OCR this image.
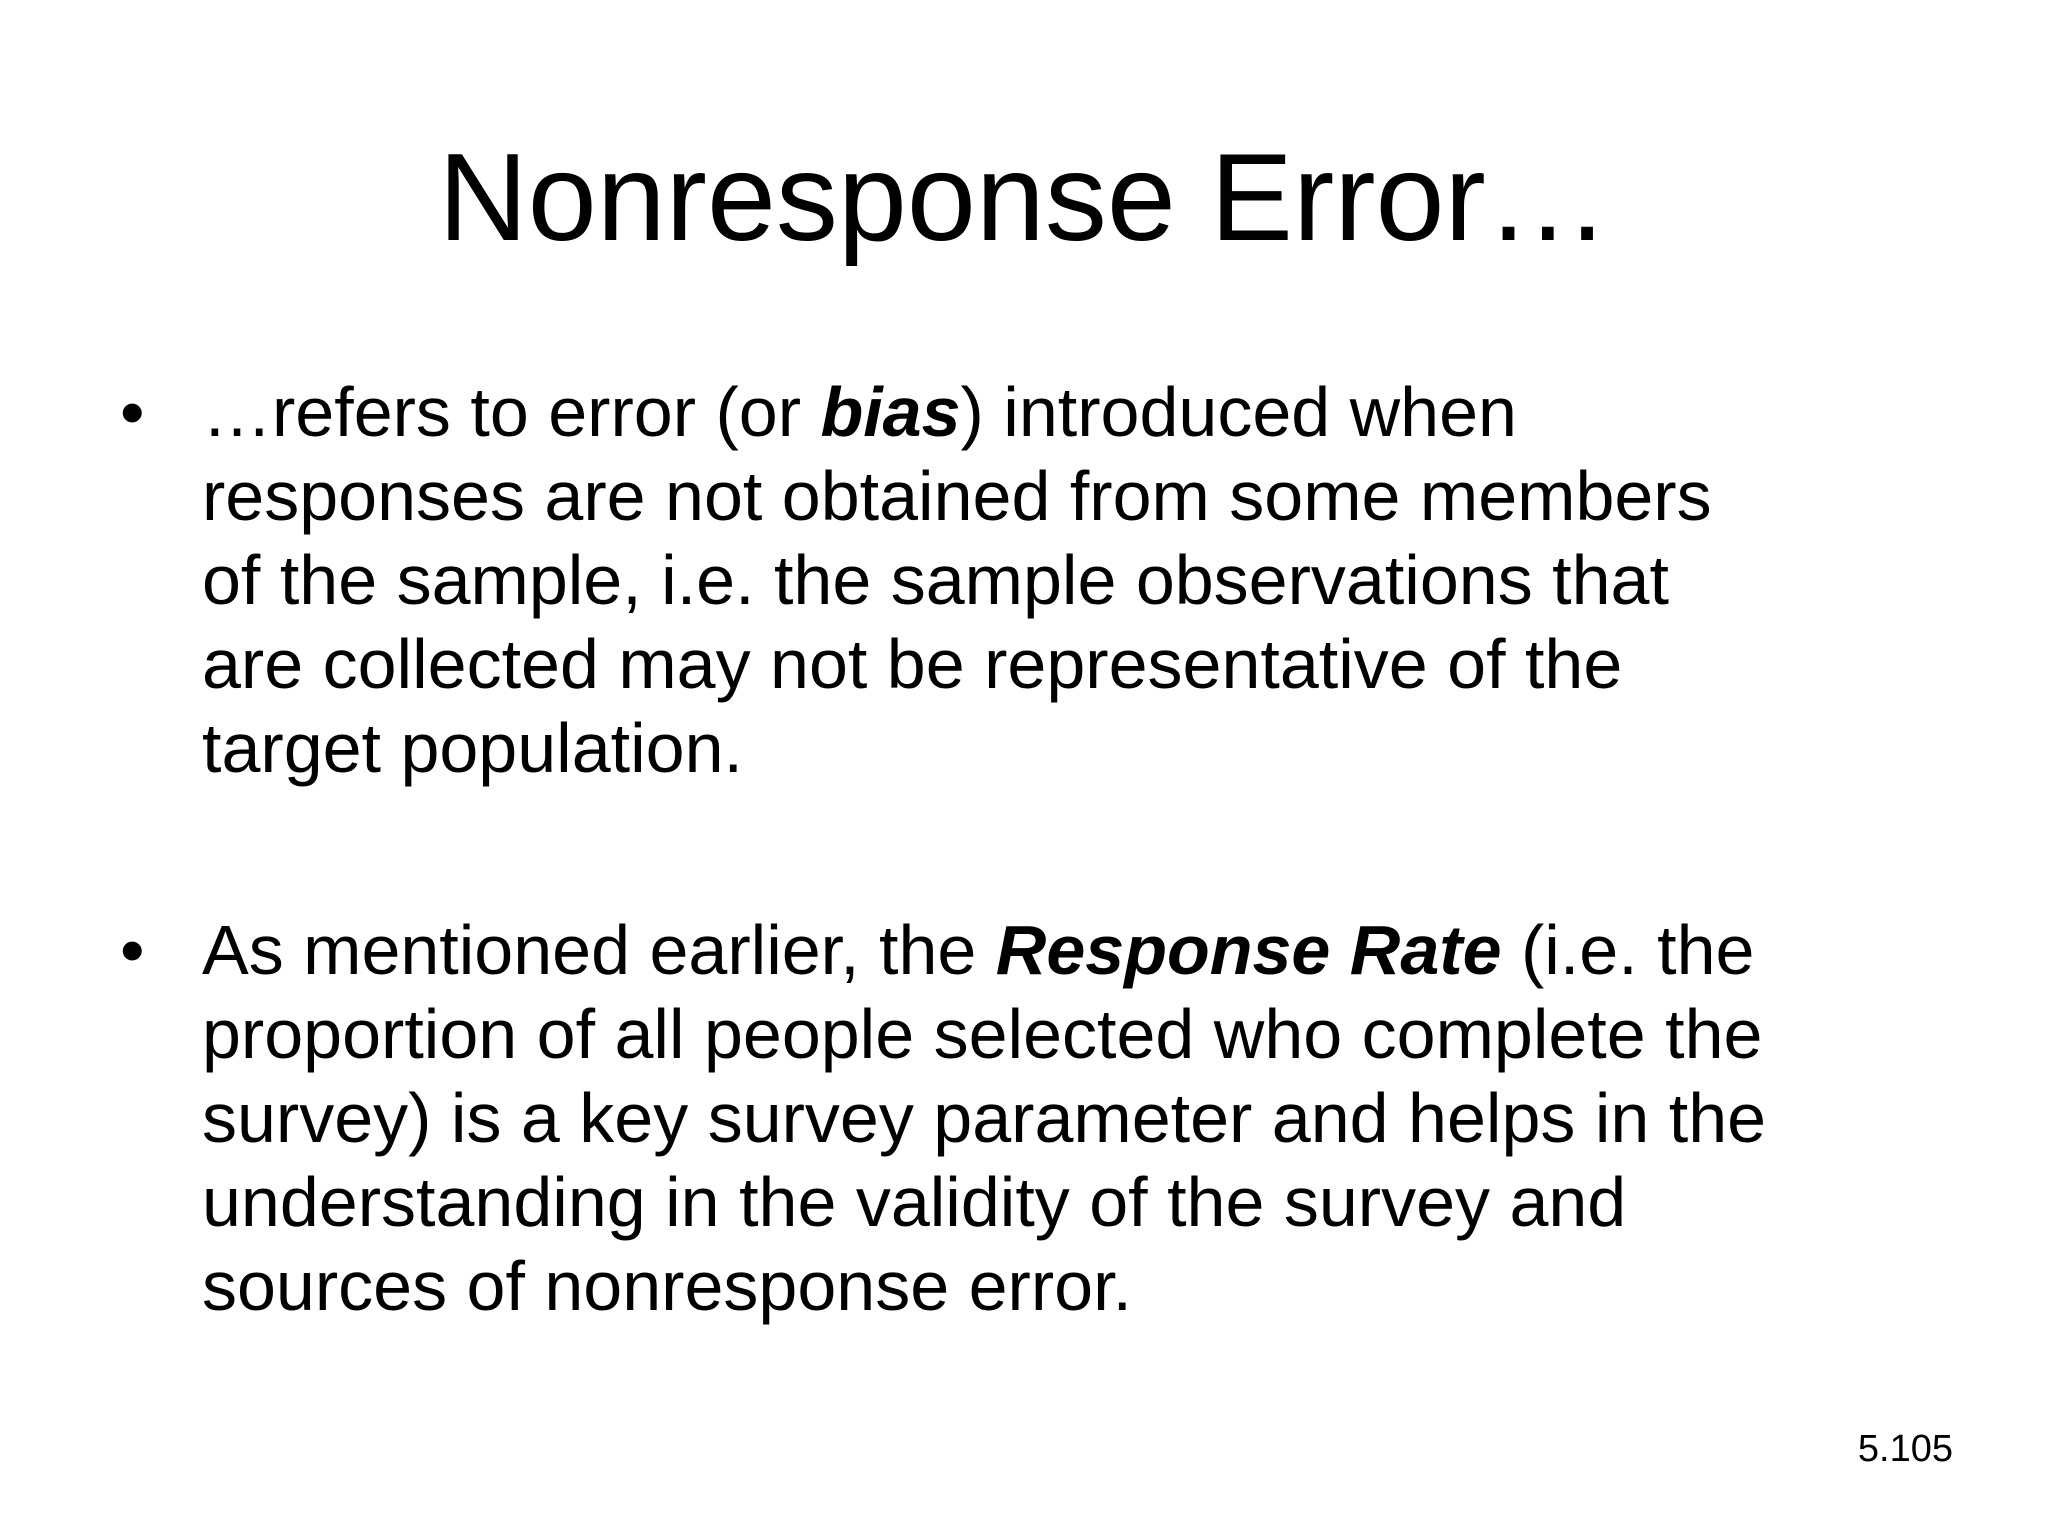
Nonresponse Error…
• …refers to error (or bias) introduced when
responses are not obtained from some members
of the sample, i.e. the sample observations that
are collected may not be representative of the
target population.
• As mentioned earlier, the Response Rate (i.e. the
proportion of all people selected who complete the
survey) is a key survey parameter and helps in the
understanding in the validity of the survey and
sources of nonresponse error.
5.105
